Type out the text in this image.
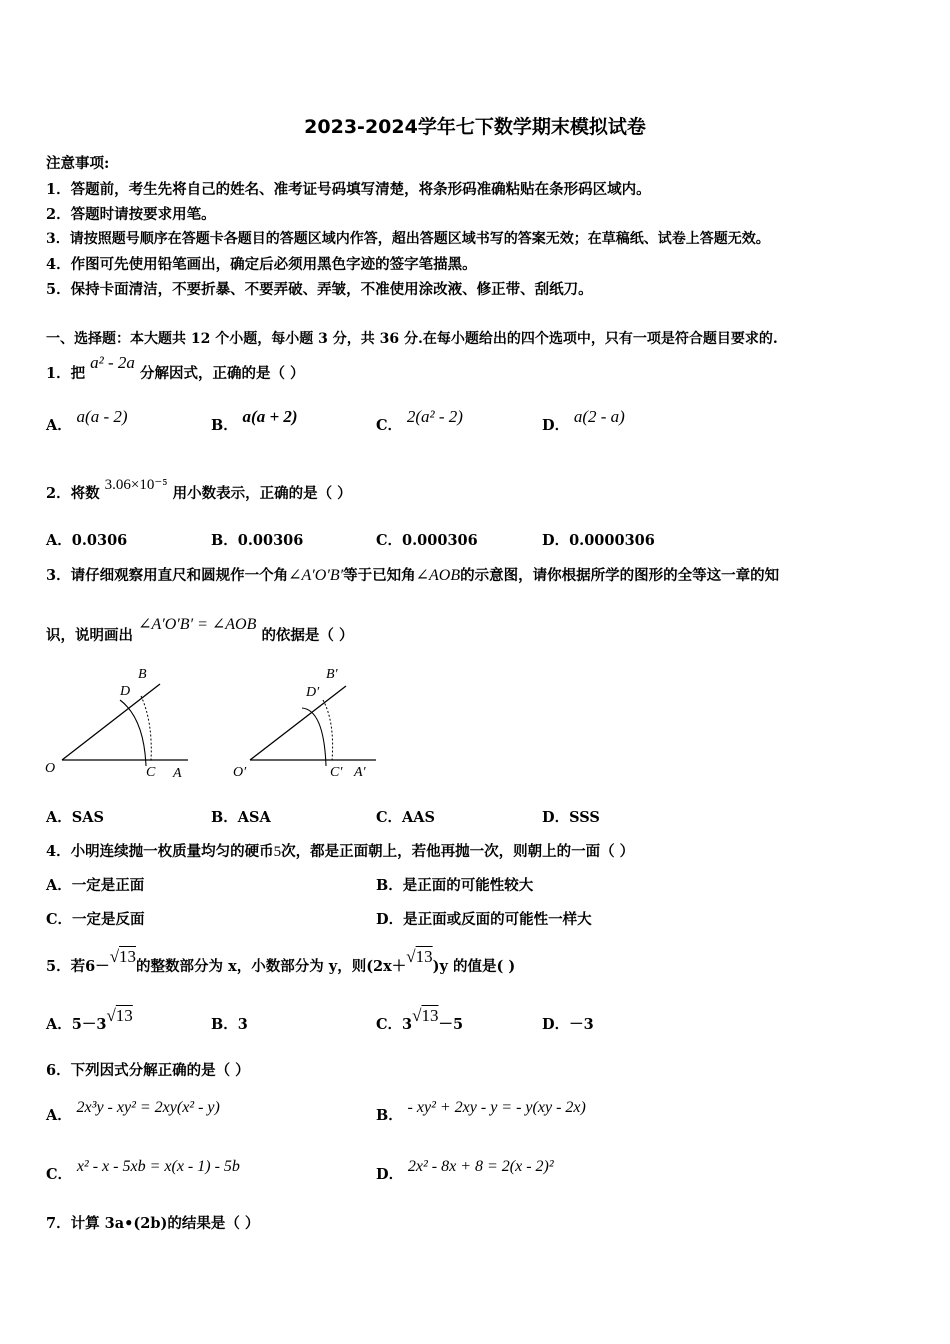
2023-2024学年七下数学期末模拟试卷
注意事项:
1．答题前，考生先将自己的姓名、准考证号码填写清楚，将条形码准确粘贴在条形码区域内。
2．答题时请按要求用笔。
3．请按照题号顺序在答题卡各题目的答题区域内作答，超出答题区域书写的答案无效；在草稿纸、试卷上答题无效。
4．作图可先使用铅笔画出，确定后必须用黑色字迹的签字笔描黑。
5．保持卡面清洁，不要折暴、不要弄破、弄皱，不准使用涂改液、修正带、刮纸刀。
一、选择题：本大题共 12 个小题，每小题 3 分，共 36 分.在每小题给出的四个选项中，只有一项是符合题目要求的.
1．把 a² - 2a 分解因式，正确的是（ ）
A． a(a - 2)	B． a(a + 2)	C． 2(a² - 2)	D． a(2 - a)
2．将数 3.06×10⁻⁵ 用小数表示，正确的是（ ）
A．0.0306	B．0.00306	C．0.000306	D．0.0000306
3．请仔细观察用直尺和圆规作一个角∠A′O′B′等于已知角∠AOB的示意图，请你根据所学的图形的全等这一章的知
识，说明画出 ∠A′O′B′ = ∠AOB 的依据是（ ）
O	A
B
C
D
O′	A′
B′
C′
D′
A．SAS	B．ASA	C．AAS	D．SSS
4．小明连续抛一枚质量均匀的硬币5次，都是正面朝上，若他再抛一次，则朝上的一面（ ）
A．一定是正面	B．是正面的可能性较大
C．一定是反面	D．是正面或反面的可能性一样大
5．若6－√13的整数部分为 x，小数部分为 y，则(2x＋√13)y 的值是( )
A．5－3√13	B．3	C．3√13－5	D．－3
6．下列因式分解正确的是（ ）
A． 2x³y - xy² = 2xy(x² - y)	B． - xy² + 2xy - y = - y(xy - 2x)
C． x² - x - 5xb = x(x - 1) - 5b	D． 2x² - 8x + 8 = 2(x - 2)²
7．计算 3a•(2b)的结果是（ ）
